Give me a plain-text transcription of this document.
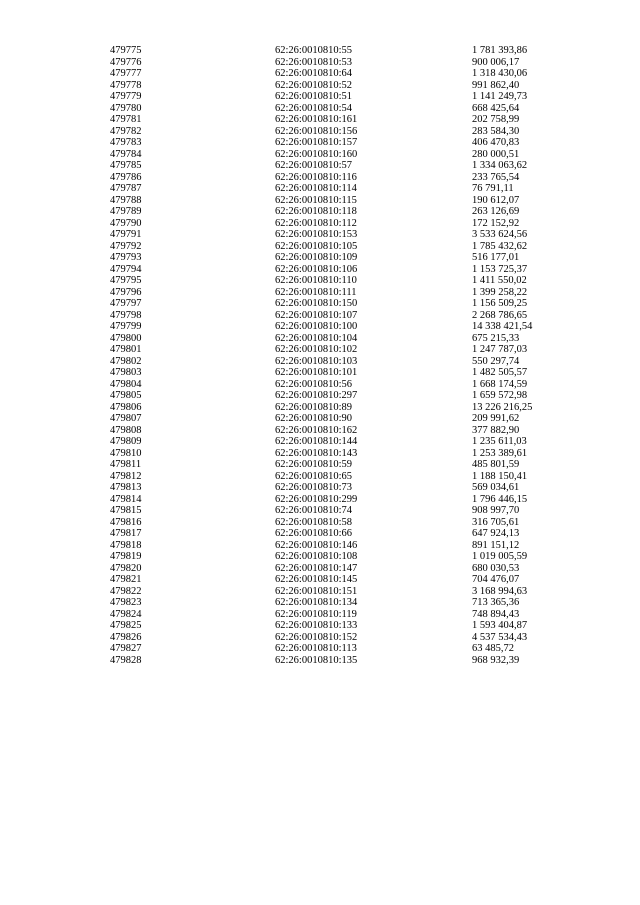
479775	62:26:0010810:55	1 781 393,86
479776	62:26:0010810:53	900 006,17
479777	62:26:0010810:64	1 318 430,06
479778	62:26:0010810:52	991 862,40
479779	62:26:0010810:51	1 141 249,73
479780	62:26:0010810:54	668 425,64
479781	62:26:0010810:161	202 758,99
479782	62:26:0010810:156	283 584,30
479783	62:26:0010810:157	406 470,83
479784	62:26:0010810:160	280 000,51
479785	62:26:0010810:57	1 334 063,62
479786	62:26:0010810:116	233 765,54
479787	62:26:0010810:114	76 791,11
479788	62:26:0010810:115	190 612,07
479789	62:26:0010810:118	263 126,69
479790	62:26:0010810:112	172 152,92
479791	62:26:0010810:153	3 533 624,56
479792	62:26:0010810:105	1 785 432,62
479793	62:26:0010810:109	516 177,01
479794	62:26:0010810:106	1 153 725,37
479795	62:26:0010810:110	1 411 550,02
479796	62:26:0010810:111	1 399 258,22
479797	62:26:0010810:150	1 156 509,25
479798	62:26:0010810:107	2 268 786,65
479799	62:26:0010810:100	14 338 421,54
479800	62:26:0010810:104	675 215,33
479801	62:26:0010810:102	1 247 787,03
479802	62:26:0010810:103	550 297,74
479803	62:26:0010810:101	1 482 505,57
479804	62:26:0010810:56	1 668 174,59
479805	62:26:0010810:297	1 659 572,98
479806	62:26:0010810:89	13 226 216,25
479807	62:26:0010810:90	209 991,62
479808	62:26:0010810:162	377 882,90
479809	62:26:0010810:144	1 235 611,03
479810	62:26:0010810:143	1 253 389,61
479811	62:26:0010810:59	485 801,59
479812	62:26:0010810:65	1 188 150,41
479813	62:26:0010810:73	569 034,61
479814	62:26:0010810:299	1 796 446,15
479815	62:26:0010810:74	908 997,70
479816	62:26:0010810:58	316 705,61
479817	62:26:0010810:66	647 924,13
479818	62:26:0010810:146	891 151,12
479819	62:26:0010810:108	1 019 005,59
479820	62:26:0010810:147	680 030,53
479821	62:26:0010810:145	704 476,07
479822	62:26:0010810:151	3 168 994,63
479823	62:26:0010810:134	713 365,36
479824	62:26:0010810:119	748 894,43
479825	62:26:0010810:133	1 593 404,87
479826	62:26:0010810:152	4 537 534,43
479827	62:26:0010810:113	63 485,72
479828	62:26:0010810:135	968 932,39
